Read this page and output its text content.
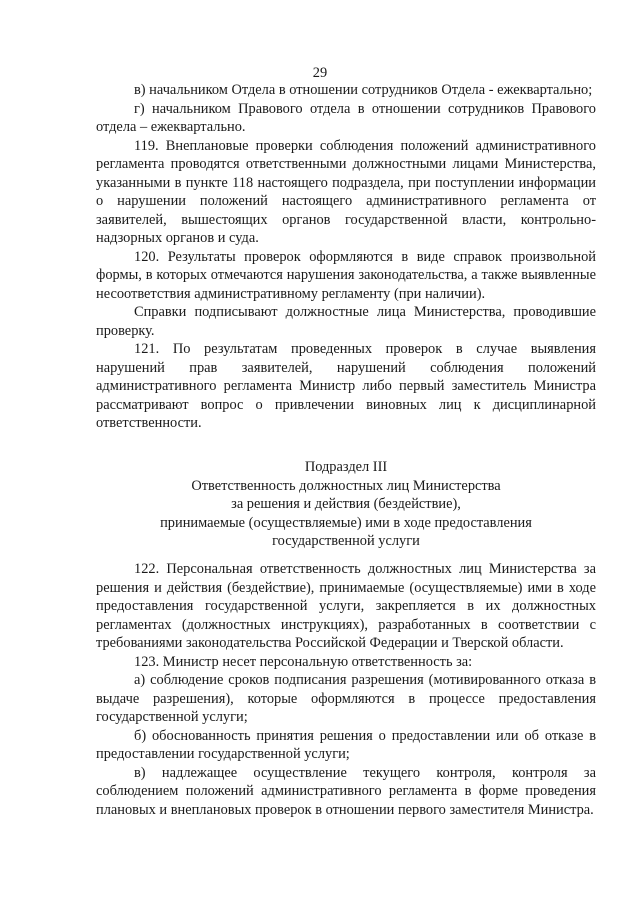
29

в) начальником Отдела в отношении сотрудников Отдела - ежеквартально;

г) начальником Правового отдела в отношении сотрудников Правового отдела – ежеквартально.

119. Внеплановые проверки соблюдения положений административного регламента проводятся ответственными должностными лицами Министерства, указанными в пункте 118 настоящего подраздела, при поступлении информации о нарушении положений настоящего административного регламента от заявителей, вышестоящих органов государственной власти, контрольно-надзорных органов и суда.

120. Результаты проверок оформляются в виде справок произвольной формы, в которых отмечаются нарушения законодательства, а также выявленные несоответствия административному регламенту (при наличии).

Справки подписывают должностные лица Министерства, проводившие проверку.

121. По результатам проведенных проверок в случае выявления нарушений прав заявителей, нарушений соблюдения положений административного регламента Министр либо первый заместитель Министра рассматривают вопрос о привлечении виновных лиц к дисциплинарной ответственности.

Подраздел III
Ответственность должностных лиц Министерства
за решения и действия (бездействие),
принимаемые (осуществляемые) ими в ходе предоставления
государственной услуги

122. Персональная ответственность должностных лиц Министерства за решения и действия (бездействие), принимаемые (осуществляемые) ими в ходе предоставления государственной услуги, закрепляется в их должностных регламентах (должностных инструкциях), разработанных в соответствии с требованиями законодательства Российской Федерации и Тверской области.

123. Министр несет персональную ответственность за:

а) соблюдение сроков подписания разрешения (мотивированного отказа в выдаче разрешения), которые оформляются в процессе предоставления государственной услуги;

б) обоснованность принятия решения о предоставлении или об отказе в предоставлении государственной услуги;

в) надлежащее осуществление текущего контроля, контроля за соблюдением положений административного регламента в форме проведения плановых и внеплановых проверок в отношении первого заместителя Министра.
